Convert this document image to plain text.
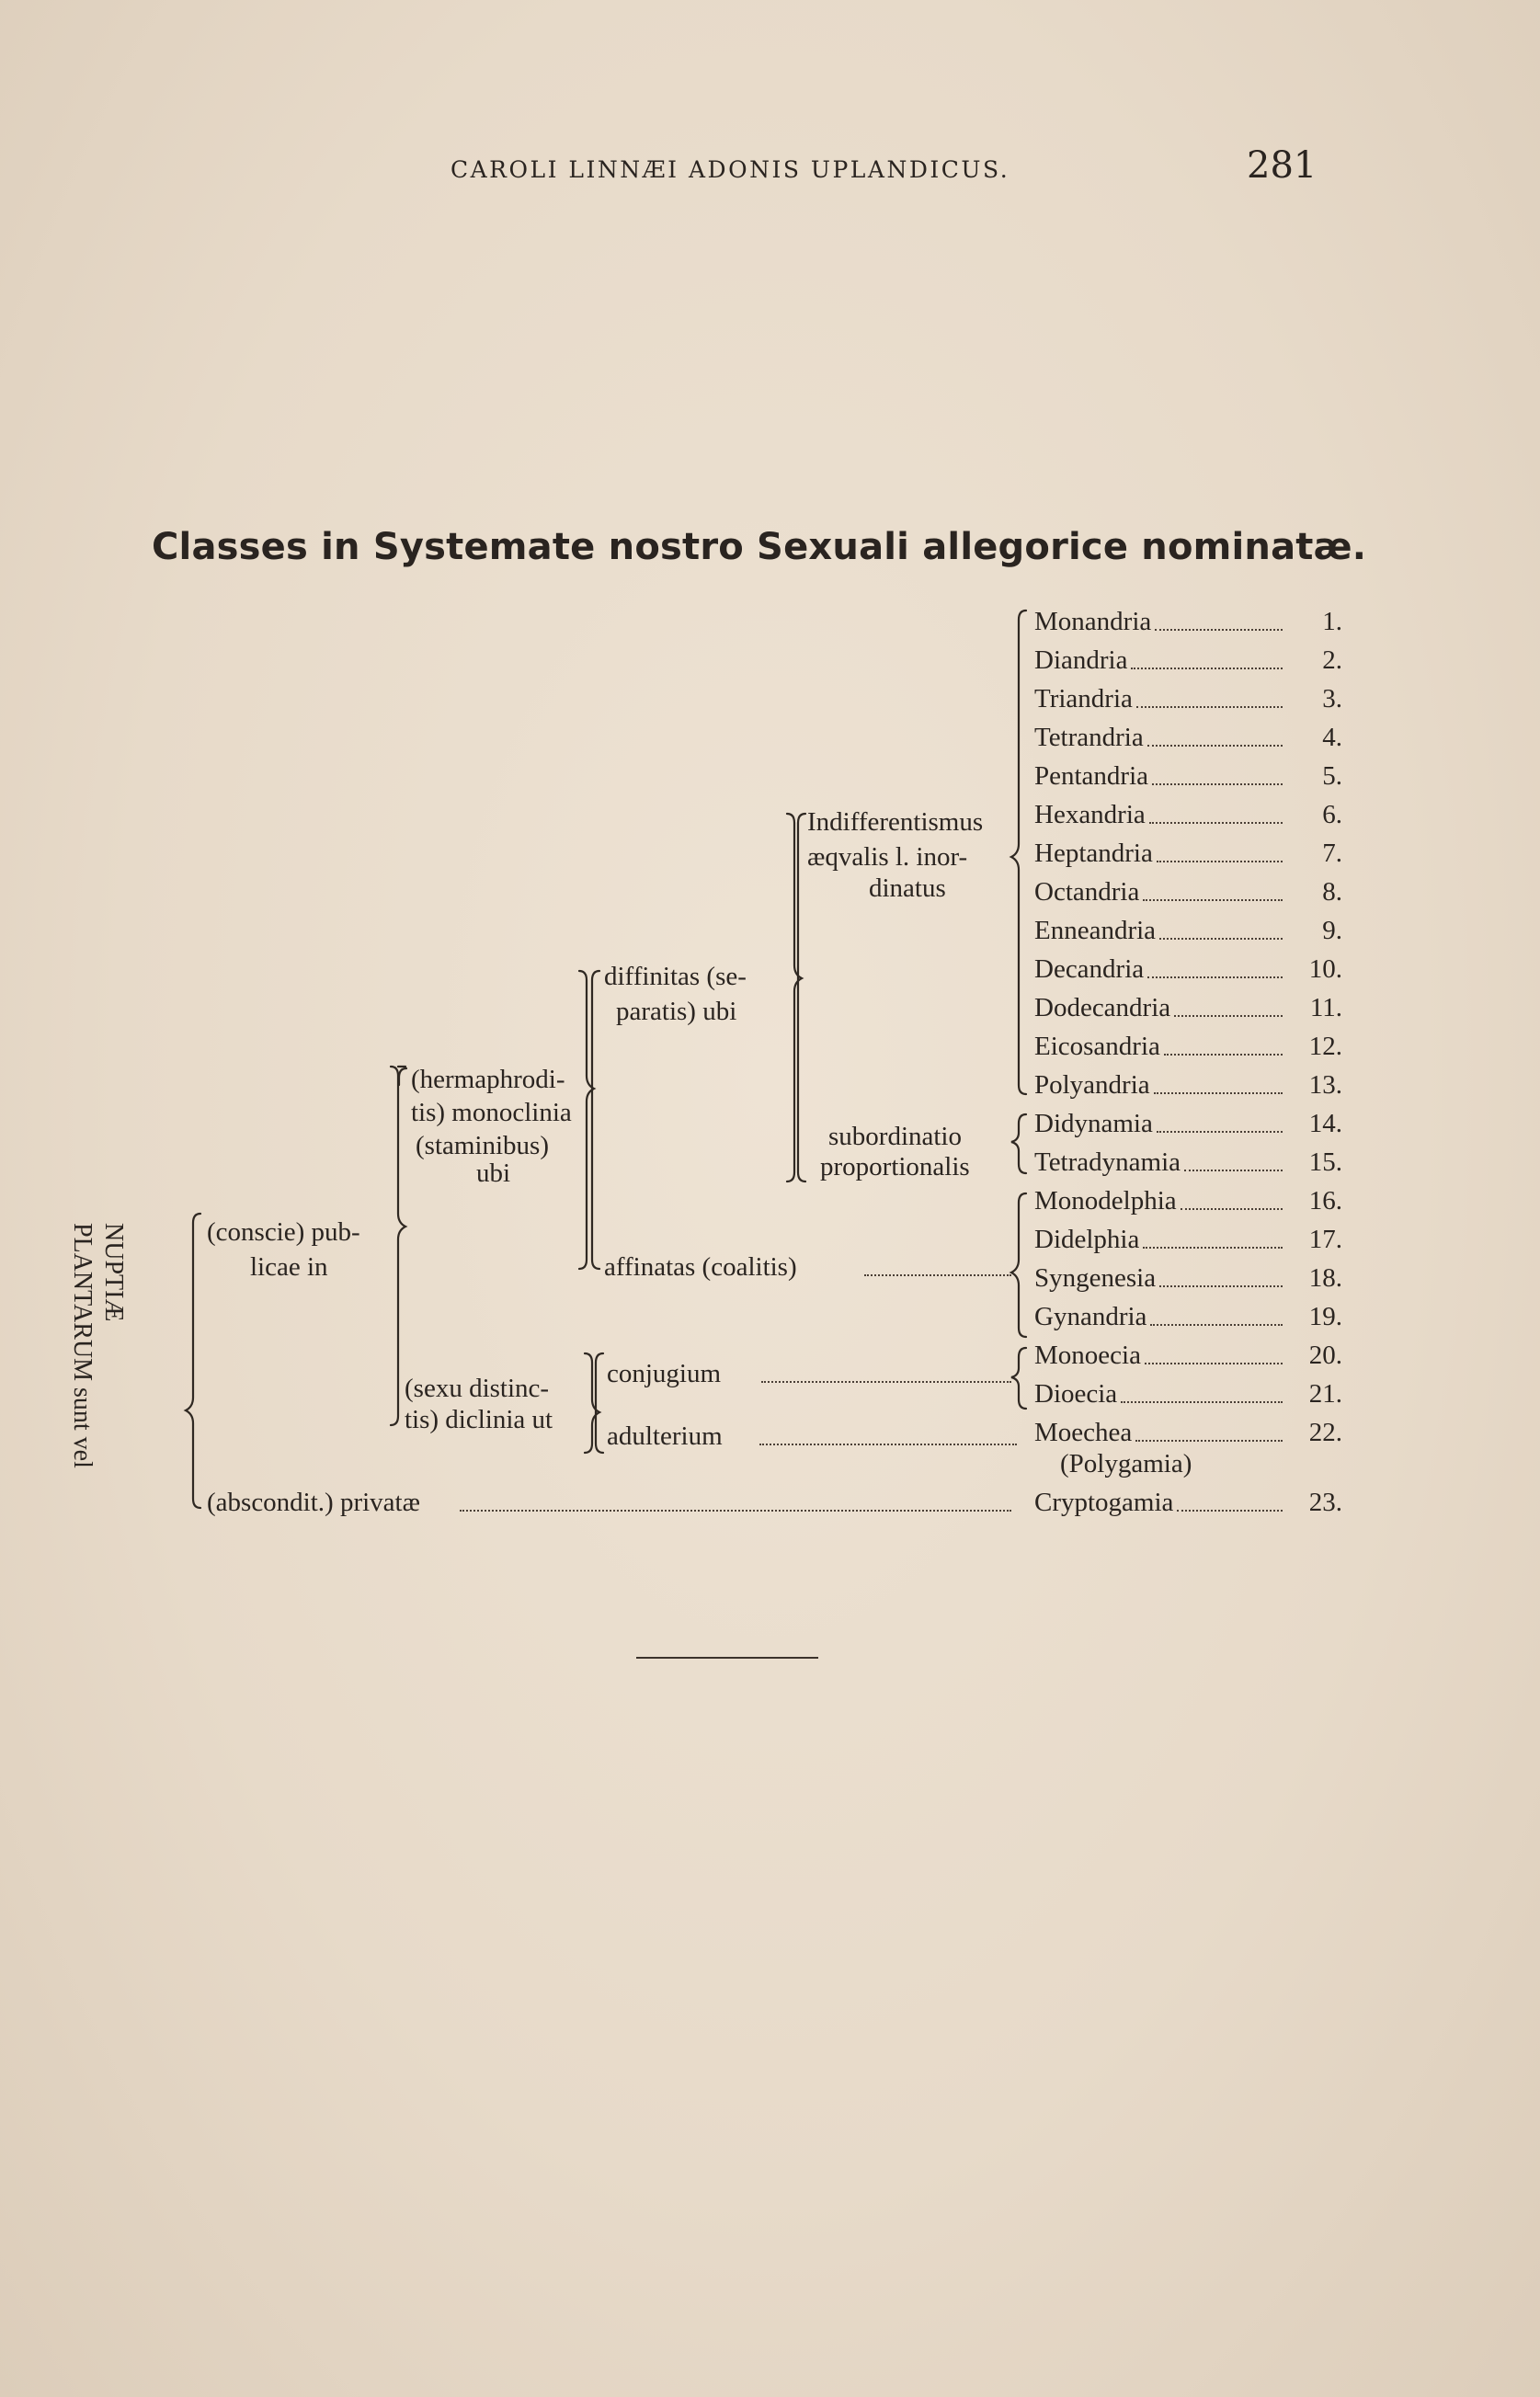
CAROLI LINNÆI ADONIS UPLANDICUS.	281
Classes in Systemate nostro Sexuali allegorice nominatæ.
NUPTIÆ
PLANTARUM sunt vel	(conscie) pub-
licae in
(abscondit.) privatæ
(hermaphrodi-
tis) monoclinia
(staminibus)
ubi
(sexu distinc-
tis) diclinia ut
diffinitas (se-
paratis) ubi
affinatas (coalitis)
Indifferentismus
æqvalis l. inor-
dinatus
subordinatio
proportionalis
conjugium
adulterium
(Polygamia)
Monandria	1.
Diandria	2.
Triandria	3.
Tetrandria	4.
Pentandria	5.
Hexandria	6.
Heptandria	7.
Octandria	8.
Enneandria	9.
Decandria	10.
Dodecandria	11.
Eicosandria	12.
Polyandria	13.
Didynamia	14.
Tetradynamia	15.
Monodelphia	16.
Didelphia	17.
Syngenesia	18.
Gynandria	19.
Monoecia	20.
Dioecia	21.
Moechea	22.
Cryptogamia	23.
